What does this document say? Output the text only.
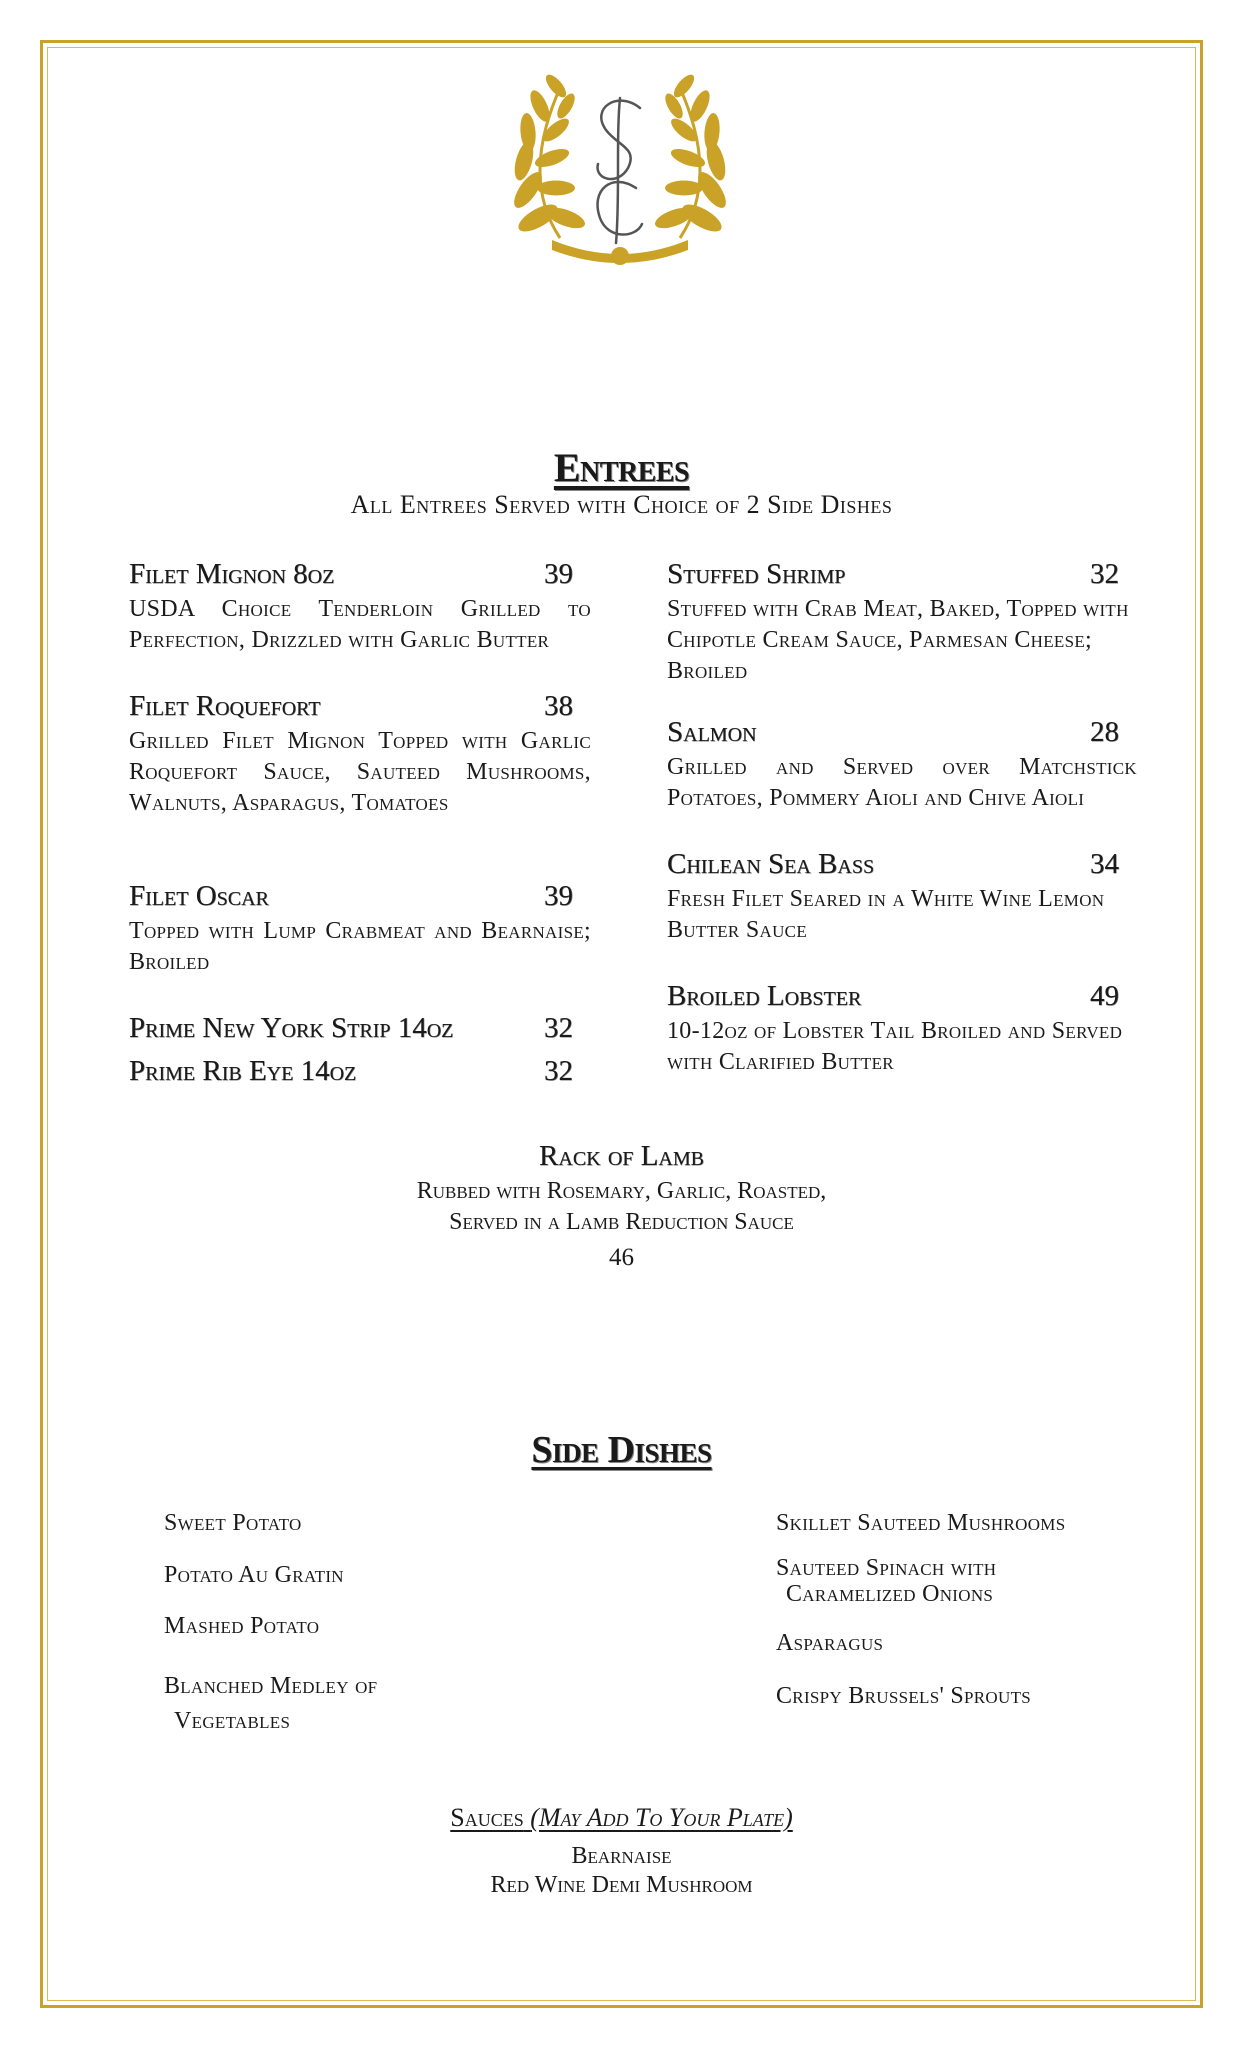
Entrees
All Entrees Served with Choice of 2 Side Dishes
Filet Mignon 8oz	39
USDA Choice Tenderloin Grilled to Perfection, Drizzled with Garlic Butter
Filet Roquefort	38
Grilled Filet Mignon Topped with Garlic Roquefort Sauce, Sauteed Mushrooms, Walnuts, Asparagus, Tomatoes
Filet Oscar	39
Topped with Lump Crabmeat and Bearnaise; Broiled
Prime New York Strip 14oz	32
Prime Rib Eye 14oz	32
Stuffed Shrimp	32
Stuffed with Crab Meat, Baked, Topped with Chipotle Cream Sauce, Parmesan Cheese; Broiled
Salmon	28
Grilled and Served over Matchstick Potatoes, Pommery Aioli and Chive Aioli
Chilean Sea Bass	34
Fresh Filet Seared in a White Wine Lemon Butter Sauce
Broiled Lobster	49
10-12oz of Lobster Tail Broiled and Served with Clarified Butter
Rack of Lamb
Rubbed with Rosemary, Garlic, Roasted,
Served in a Lamb Reduction Sauce
46
Side Dishes
Sweet Potato
Potato Au Gratin
Mashed Potato
Blanched Medley of
Vegetables
Skillet Sauteed Mushrooms
Sauteed Spinach with
Caramelized Onions
Asparagus
Crispy Brussels' Sprouts
Sauces (May Add To Your Plate)
Bearnaise
Red Wine Demi Mushroom
